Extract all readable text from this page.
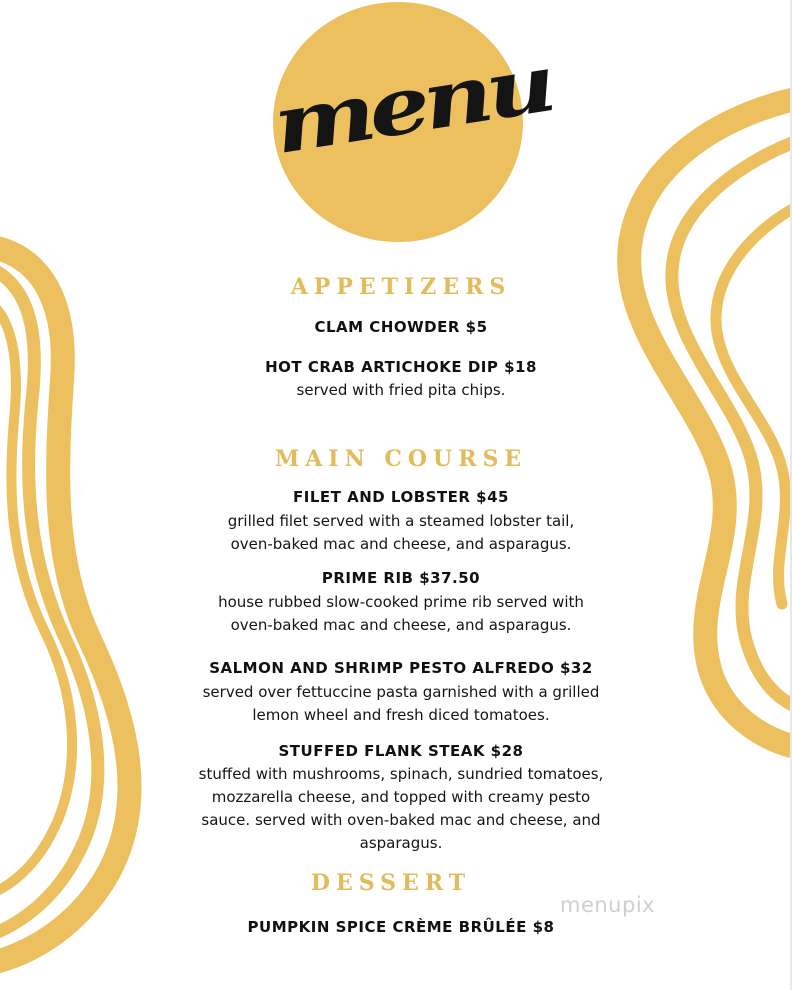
menu
APPETIZERS
CLAM CHOWDER $5
HOT CRAB ARTICHOKE DIP $18
served with fried pita chips.
MAIN COURSE
FILET AND LOBSTER $45
grilled filet served with a steamed lobster tail,
oven-baked mac and cheese, and asparagus.
PRIME RIB $37.50
house rubbed slow-cooked prime rib served with
oven-baked mac and cheese, and asparagus.
SALMON AND SHRIMP PESTO ALFREDO $32
served over fettuccine pasta garnished with a grilled
lemon wheel and fresh diced tomatoes.
STUFFED FLANK STEAK $28
stuffed with mushrooms, spinach, sundried tomatoes,
mozzarella cheese, and topped with creamy pesto
sauce. served with oven-baked mac and cheese, and
asparagus.
DESSERT
PUMPKIN SPICE CRÈME BRÛLÉE $8
menupix
